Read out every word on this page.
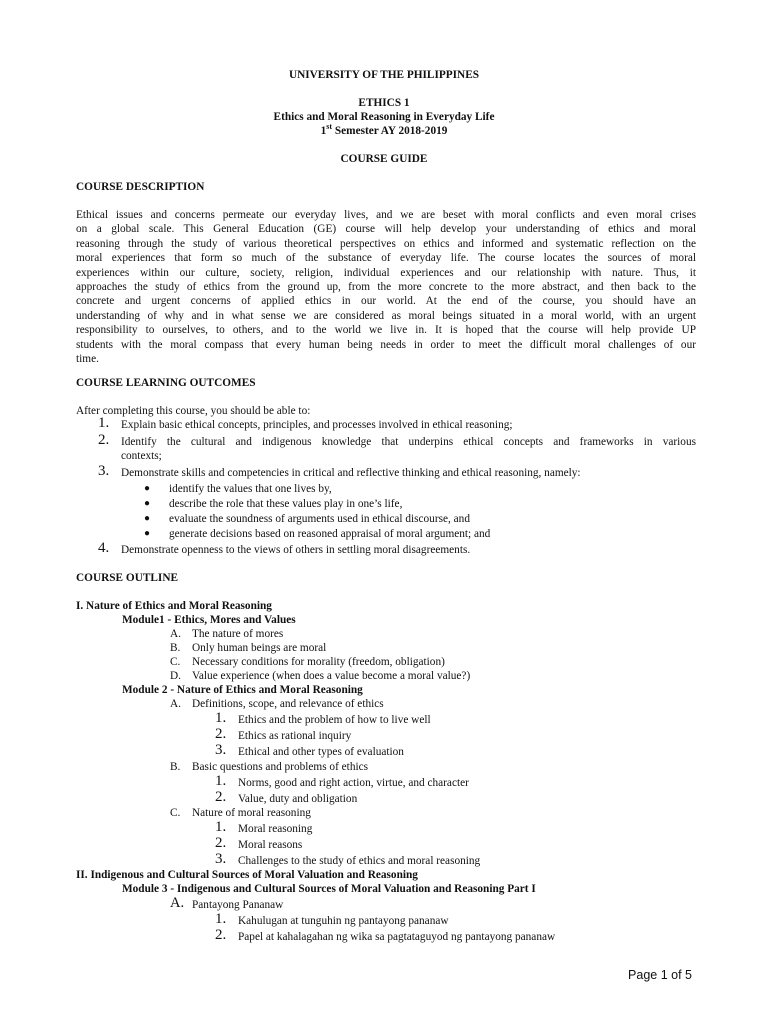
UNIVERSITY OF THE PHILIPPINES
ETHICS 1
Ethics and Moral Reasoning in Everyday Life
1st Semester AY 2018-2019
COURSE GUIDE
COURSE DESCRIPTION
Ethical issues and concerns permeate our everyday lives, and we are beset with moral conflicts and even moral crises
on a global scale. This General Education (GE) course will help develop your understanding of ethics and moral
reasoning through the study of various theoretical perspectives on ethics and informed and systematic reflection on the
moral experiences that form so much of the substance of everyday life. The course locates the sources of moral
experiences within our culture, society, religion, individual experiences and our relationship with nature. Thus, it
approaches the study of ethics from the ground up, from the more concrete to the more abstract, and then back to the
concrete and urgent concerns of applied ethics in our world. At the end of the course, you should have an
understanding of why and in what sense we are considered as moral beings situated in a moral world, with an urgent
responsibility to ourselves, to others, and to the world we live in. It is hoped that the course will help provide UP
students with the moral compass that every human being needs in order to meet the difficult moral challenges of our
time.
COURSE LEARNING OUTCOMES
After completing this course, you should be able to:
1. Explain basic ethical concepts, principles, and processes involved in ethical reasoning;
2. Identify the cultural and indigenous knowledge that underpins ethical concepts and frameworks in various
contexts;
3. Demonstrate skills and competencies in critical and reflective thinking and ethical reasoning, namely:
● identify the values that one lives by,
● describe the role that these values play in one’s life,
● evaluate the soundness of arguments used in ethical discourse, and
● generate decisions based on reasoned appraisal of moral argument; and
4. Demonstrate openness to the views of others in settling moral disagreements.
COURSE OUTLINE
I. Nature of Ethics and Moral Reasoning
Module1 - Ethics, Mores and Values
A. The nature of mores
B. Only human beings are moral
C. Necessary conditions for morality (freedom, obligation)
D. Value experience (when does a value become a moral value?)
Module 2 - Nature of Ethics and Moral Reasoning
A. Definitions, scope, and relevance of ethics
1. Ethics and the problem of how to live well
2. Ethics as rational inquiry
3. Ethical and other types of evaluation
B. Basic questions and problems of ethics
1. Norms, good and right action, virtue, and character
2. Value, duty and obligation
C. Nature of moral reasoning
1. Moral reasoning
2. Moral reasons
3. Challenges to the study of ethics and moral reasoning
II. Indigenous and Cultural Sources of Moral Valuation and Reasoning
Module 3 - Indigenous and Cultural Sources of Moral Valuation and Reasoning Part I
A. Pantayong Pananaw
1. Kahulugan at tunguhin ng pantayong pananaw
2. Papel at kahalagahan ng wika sa pagtataguyod ng pantayong pananaw
Page 1 of 5
